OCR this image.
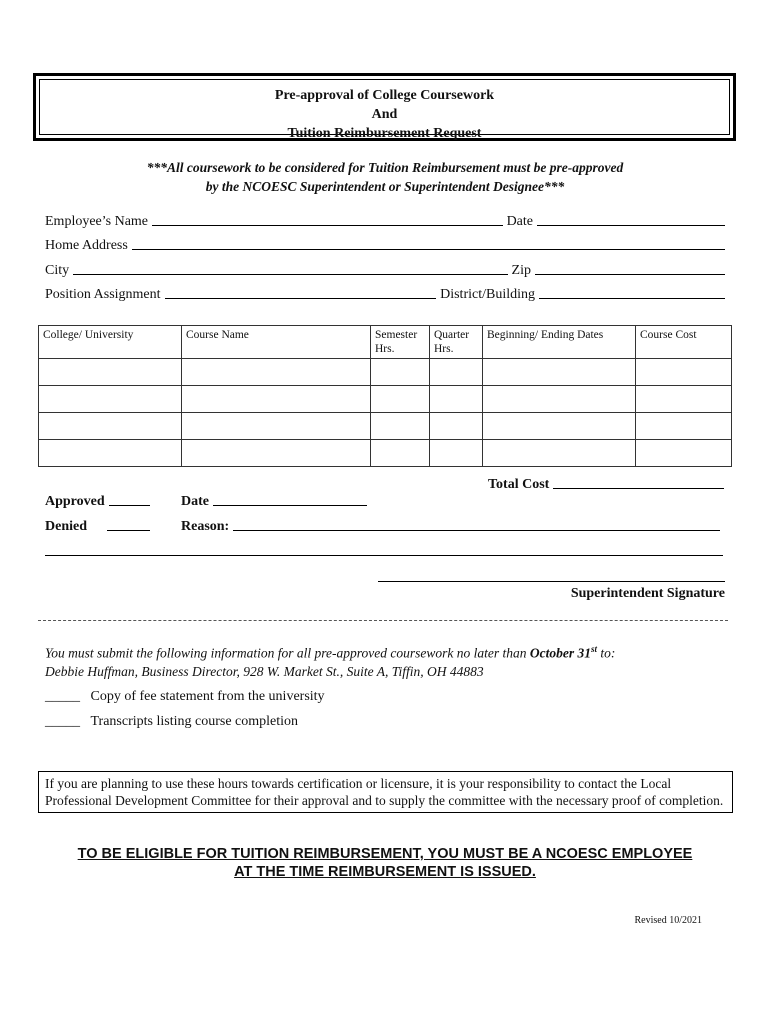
Pre-approval of College Coursework
And
Tuition Reimbursement Request
***All coursework to be considered for Tuition Reimbursement must be pre-approved
by the NCOESC Superintendent or Superintendent Designee***
Employee’s Name	Date
Home Address
City	Zip
Position Assignment	District/Building
College/ University	Course Name	Semester Hrs.	Quarter Hrs.	Beginning/ Ending Dates	Course Cost

Total Cost
Approved	Date
Denied	Reason:
Superintendent Signature
You must submit the following information for all pre-approved coursework no later than October 31st to:
Debbie Huffman, Business Director, 928 W. Market St., Suite A, Tiffin, OH 44883
_____ Copy of fee statement from the university
_____ Transcripts listing course completion
If you are planning to use these hours towards certification or licensure, it is your responsibility to contact the Local Professional Development Committee for their approval and to supply the committee with the necessary proof of completion.
TO BE ELIGIBLE FOR TUITION REIMBURSEMENT, YOU MUST BE A NCOESC EMPLOYEE
AT THE TIME REIMBURSEMENT IS ISSUED.
Revised 10/2021
